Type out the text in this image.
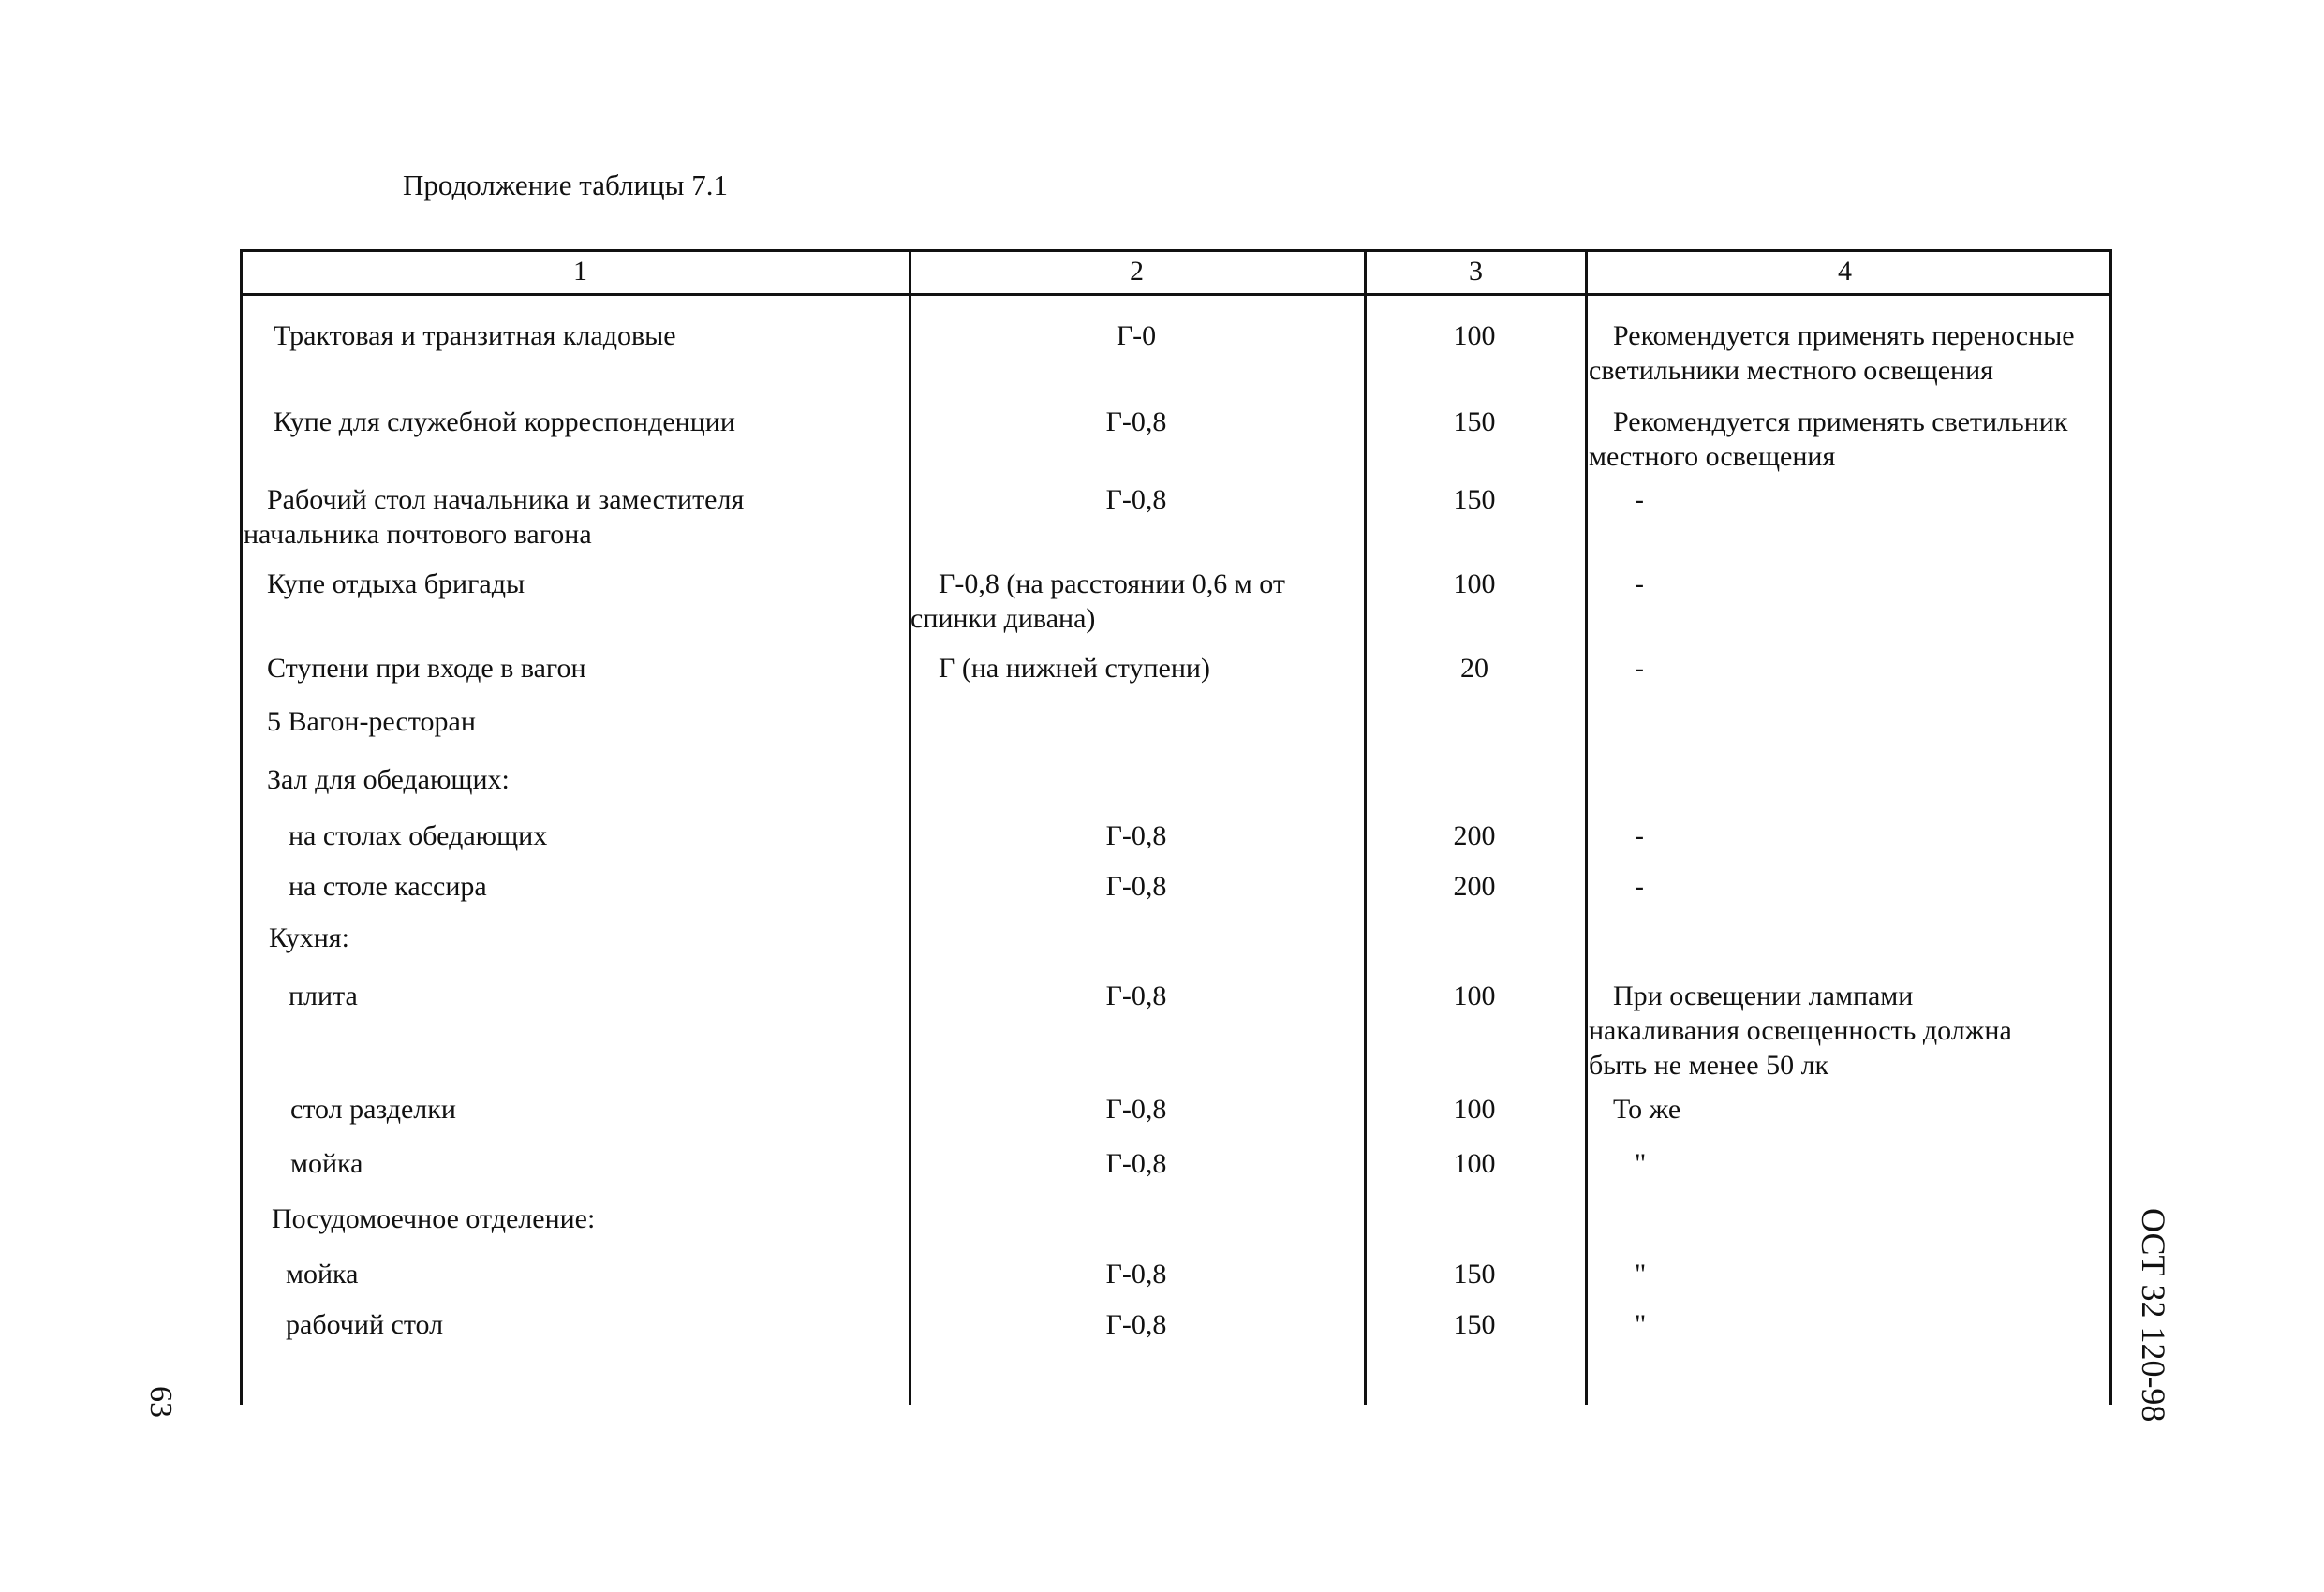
Продолжение таблицы 7.1
1	2	3	4
Трактовая и транзитная кладовые	Г-0	100	Рекомендуется применять переносные
светильники местного освещения
Купе для служебной корреспонденции	Г-0,8	150	Рекомендуется применять светильник
местного освещения
Рабочий стол начальника и заместителя
начальника почтового вагона
Г-0,8	150	-
Купе отдыха бригады	Г-0,8 (на расстоянии 0,6 м от
спинки дивана)
100	-
Ступени при входе в вагон	Г (на нижней ступени)	20	-
5 Вагон-ресторан
Зал для обедающих:
на столах обедающих	Г-0,8	200	-
на столе кассира	Г-0,8	200	-
Кухня:
плита	Г-0,8	100	При освещении лампами
накаливания освещенность должна
быть не менее 50 лк
стол разделки	Г-0,8	100	То же
мойка	Г-0,8	100	"
Посудомоечное отделение:
мойка	Г-0,8	150	"
рабочий стол	Г-0,8	150	"	ОСТ 32 120-98
63
